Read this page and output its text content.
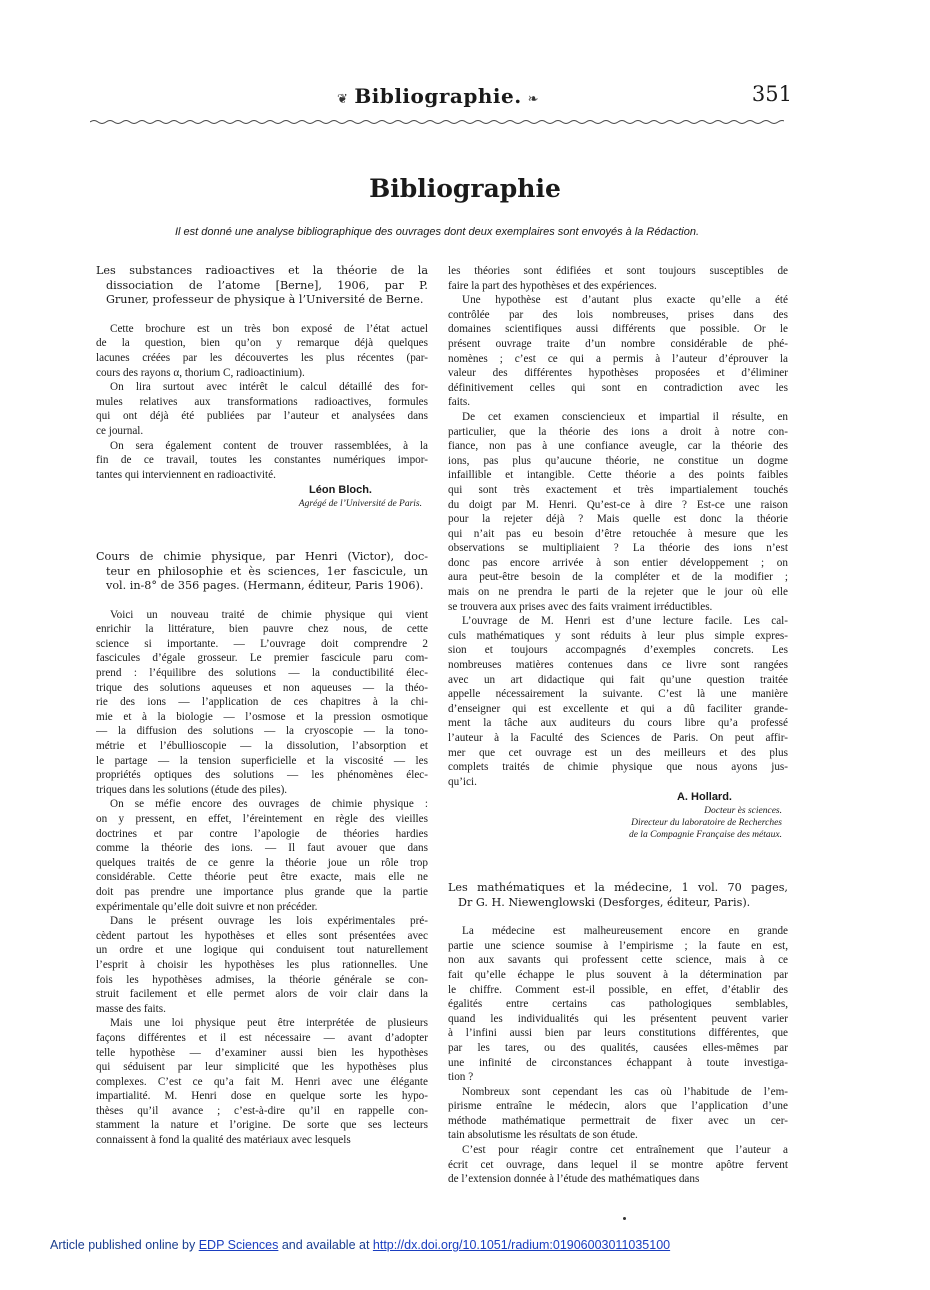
❦ Bibliographie. ❧	351
Bibliographie
Il est donné une analyse bibliographique des ouvrages dont deux exemplaires sont envoyés à la Rédaction.
Les substances radioactives et la théorie de la
dissociation de l’atome [Berne], 1906, par P.
Gruner, professeur de physique à l’Université de Berne.
Cette brochure est un très bon exposé de l’état actuel
de la question, bien qu’on y remarque déjà quelques
lacunes créées par les découvertes les plus récentes (par-
cours des rayons α, thorium C, radioactinium).
On lira surtout avec intérêt le calcul détaillé des for-
mules relatives aux transformations radioactives, formules
qui ont déjà été publiées par l’auteur et analysées dans
ce journal.
On sera également content de trouver rassemblées, à la
fin de ce travail, toutes les constantes numériques impor-
tantes qui interviennent en radioactivité.
Léon Bloch.
Agrégé de l’Université de Paris.
Cours de chimie physique, par Henri (Victor), doc-
teur en philosophie et ès sciences, 1er fascicule, un
vol. in-8° de 356 pages. (Hermann, éditeur, Paris 1906).
Voici un nouveau traité de chimie physique qui vient
enrichir la littérature, bien pauvre chez nous, de cette
science si importante. — L’ouvrage doit comprendre 2
fascicules d’égale grosseur. Le premier fascicule paru com-
prend : l’équilibre des solutions — la conductibilité élec-
trique des solutions aqueuses et non aqueuses — la théo-
rie des ions — l’application de ces chapitres à la chi-
mie et à la biologie — l’osmose et la pression osmotique
— la diffusion des solutions — la cryoscopie — la tono-
métrie et l’ébullioscopie — la dissolution, l’absorption et
le partage — la tension superficielle et la viscosité — les
propriétés optiques des solutions — les phénomènes élec-
triques dans les solutions (étude des piles).
On se méfie encore des ouvrages de chimie physique :
on y pressent, en effet, l’éreintement en règle des vieilles
doctrines et par contre l’apologie de théories hardies
comme la théorie des ions. — Il faut avouer que dans
quelques traités de ce genre la théorie joue un rôle trop
considérable. Cette théorie peut être exacte, mais elle ne
doit pas prendre une importance plus grande que la partie
expérimentale qu’elle doit suivre et non précéder.
Dans le présent ouvrage les lois expérimentales pré-
cèdent partout les hypothèses et elles sont présentées avec
un ordre et une logique qui conduisent tout naturellement
l’esprit à choisir les hypothèses les plus rationnelles. Une
fois les hypothèses admises, la théorie générale se con-
struit facilement et elle permet alors de voir clair dans la
masse des faits.
Mais une loi physique peut être interprétée de plusieurs
façons différentes et il est nécessaire — avant d’adopter
telle hypothèse — d’examiner aussi bien les hypothèses
qui séduisent par leur simplicité que les hypothèses plus
complexes. C’est ce qu’a fait M. Henri avec une élégante
impartialité. M. Henri dose en quelque sorte les hypo-
thèses qu’il avance ; c’est-à-dire qu’il en rappelle con-
stamment la nature et l’origine. De sorte que ses lecteurs
connaissent à fond la qualité des matériaux avec lesquels
les théories sont édifiées et sont toujours susceptibles de
faire la part des hypothèses et des expériences.
Une hypothèse est d’autant plus exacte qu’elle a été
contrôlée par des lois nombreuses, prises dans des
domaines scientifiques aussi différents que possible. Or le
présent ouvrage traite d’un nombre considérable de phé-
nomènes ; c’est ce qui a permis à l’auteur d’éprouver la
valeur des différentes hypothèses proposées et d’éliminer
définitivement celles qui sont en contradiction avec les
faits.
De cet examen consciencieux et impartial il résulte, en
particulier, que la théorie des ions a droit à notre con-
fiance, non pas à une confiance aveugle, car la théorie des
ions, pas plus qu’aucune théorie, ne constitue un dogme
infaillible et intangible. Cette théorie a des points faibles
qui sont très exactement et très impartialement touchés
du doigt par M. Henri. Qu’est-ce à dire ? Est-ce une raison
pour la rejeter déjà ? Mais quelle est donc la théorie
qui n’ait pas eu besoin d’être retouchée à mesure que les
observations se multipliaient ? La théorie des ions n’est
donc pas encore arrivée à son entier développement ; on
aura peut-être besoin de la compléter et de la modifier ;
mais on ne prendra le parti de la rejeter que le jour où elle
se trouvera aux prises avec des faits vraiment irréductibles.
L’ouvrage de M. Henri est d’une lecture facile. Les cal-
culs mathématiques y sont réduits à leur plus simple expres-
sion et toujours accompagnés d’exemples concrets. Les
nombreuses matières contenues dans ce livre sont rangées
avec un art didactique qui fait qu’une question traitée
appelle nécessairement la suivante. C’est là une manière
d’enseigner qui est excellente et qui a dû faciliter grande-
ment la tâche aux auditeurs du cours libre qu’a professé
l’auteur à la Faculté des Sciences de Paris. On peut affir-
mer que cet ouvrage est un des meilleurs et des plus
complets traités de chimie physique que nous ayons jus-
qu’ici.
A. Hollard.
Docteur ès sciences.
Directeur du laboratoire de Recherches
de la Compagnie Française des métaux.
Les mathématiques et la médecine, 1 vol. 70 pages,
Dr G. H. Niewenglowski (Desforges, éditeur, Paris).
La médecine est malheureusement encore en grande
partie une science soumise à l’empirisme ; la faute en est,
non aux savants qui professent cette science, mais à ce
fait qu’elle échappe le plus souvent à la détermination par
le chiffre. Comment est-il possible, en effet, d’établir des
égalités entre certains cas pathologiques semblables,
quand les individualités qui les présentent peuvent varier
à l’infini aussi bien par leurs constitutions différentes, que
par les tares, ou des qualités, causées elles-mêmes par
une infinité de circonstances échappant à toute investiga-
tion ?
Nombreux sont cependant les cas où l’habitude de l’em-
pirisme entraîne le médecin, alors que l’application d’une
méthode mathématique permettrait de fixer avec un cer-
tain absolutisme les résultats de son étude.
C’est pour réagir contre cet entraînement que l’auteur a
écrit cet ouvrage, dans lequel il se montre apôtre fervent
de l’extension donnée à l’étude des mathématiques dans
Article published online by EDP Sciences and available at http://dx.doi.org/10.1051/radium:01906003011035100
